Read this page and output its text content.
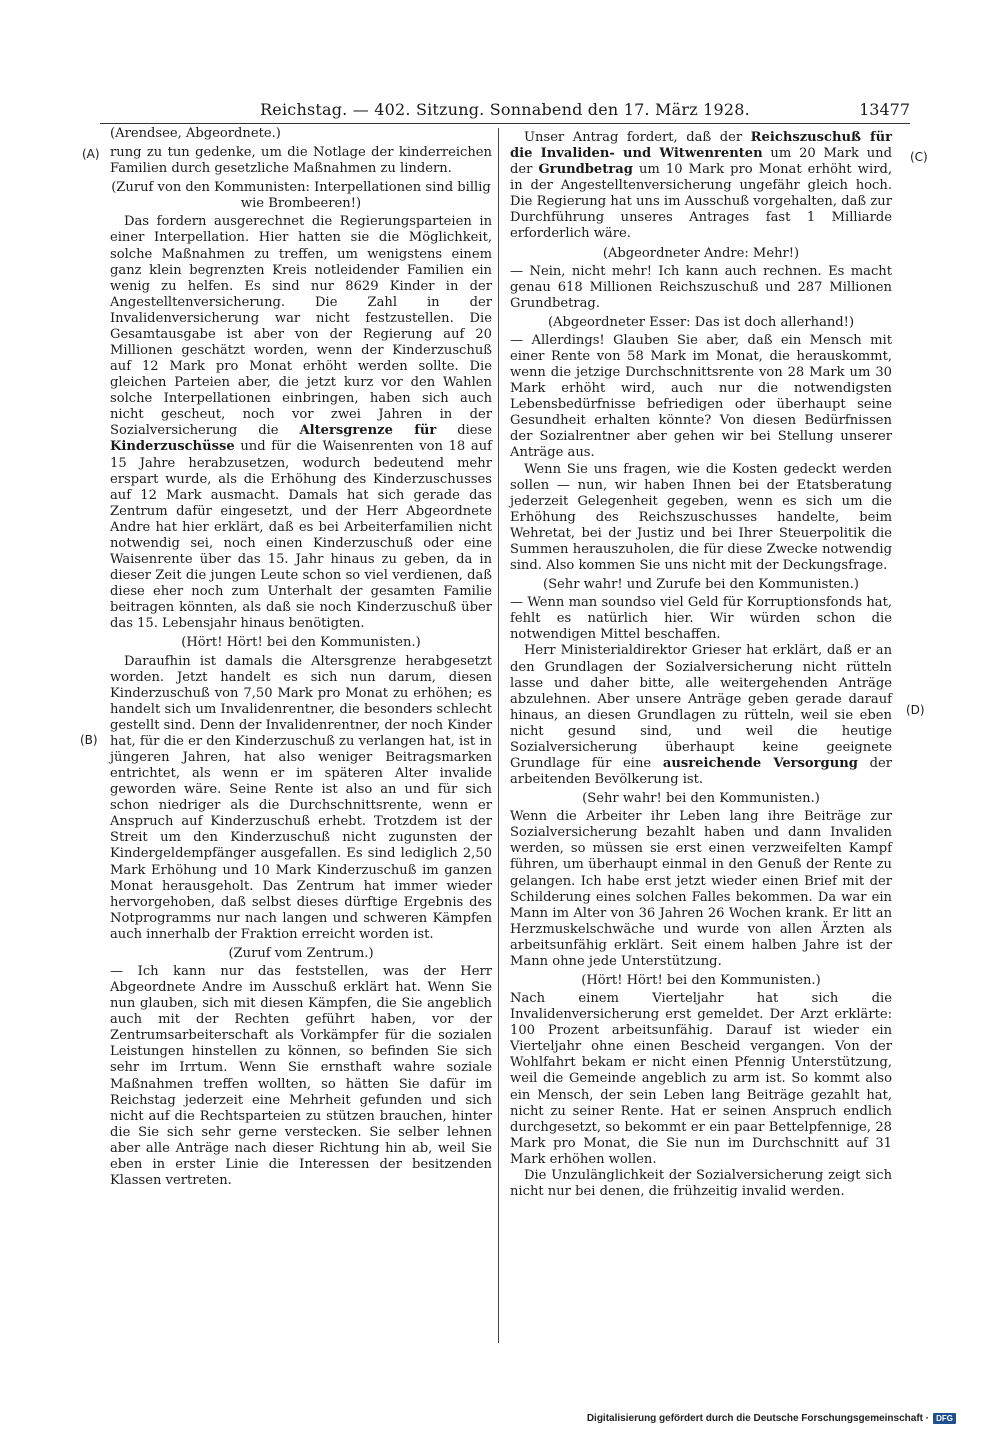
Reichstag. — 402. Sitzung. Sonnabend den 17. März 1928.	13477
(A)
(B)
(C)
(D)
(Arendsee, Abgeordnete.)

rung zu tun gedenke, um die Notlage der kinderreichen Familien durch gesetzliche Maßnahmen zu lindern.

(Zuruf von den Kommunisten: Interpellationen sind billig wie Brombeeren!)

Das fordern ausgerechnet die Regierungsparteien in einer Interpellation. Hier hatten sie die Möglichkeit, solche Maßnahmen zu treffen, um wenigstens einem ganz klein begrenzten Kreis notleidender Familien ein wenig zu helfen. Es sind nur 8629 Kinder in der Angestelltenversicherung. Die Zahl in der Invalidenversicherung war nicht festzustellen. Die Gesamtausgabe ist aber von der Regierung auf 20 Millionen geschätzt worden, wenn der Kinderzuschuß auf 12 Mark pro Monat erhöht werden sollte. Die gleichen Parteien aber, die jetzt kurz vor den Wahlen solche Interpellationen einbringen, haben sich auch nicht gescheut, noch vor zwei Jahren in der Sozialversicherung die Altersgrenze für diese Kinderzuschüsse und für die Waisenrenten von 18 auf 15 Jahre herabzusetzen, wodurch bedeutend mehr erspart wurde, als die Erhöhung des Kinderzuschusses auf 12 Mark ausmacht. Damals hat sich gerade das Zentrum dafür eingesetzt, und der Herr Abgeordnete Andre hat hier erklärt, daß es bei Arbeiterfamilien nicht notwendig sei, noch einen Kinderzuschuß oder eine Waisenrente über das 15. Jahr hinaus zu geben, da in dieser Zeit die jungen Leute schon so viel verdienen, daß diese eher noch zum Unterhalt der gesamten Familie beitragen könnten, als daß sie noch Kinderzuschuß über das 15. Lebensjahr hinaus benötigten.

(Hört! Hört! bei den Kommunisten.)

Daraufhin ist damals die Altersgrenze herabgesetzt worden. Jetzt handelt es sich nun darum, diesen Kinderzuschuß von 7,50 Mark pro Monat zu erhöhen; es handelt sich um Invalidenrentner, die besonders schlecht gestellt sind. Denn der Invalidenrentner, der noch Kinder hat, für die er den Kinderzuschuß zu verlangen hat, ist in jüngeren Jahren, hat also weniger Beitragsmarken entrichtet, als wenn er im späteren Alter invalide geworden wäre. Seine Rente ist also an und für sich schon niedriger als die Durchschnittsrente, wenn er Anspruch auf Kinderzuschuß erhebt. Trotzdem ist der Streit um den Kinderzuschuß nicht zugunsten der Kindergeldempfänger ausgefallen. Es sind lediglich 2,50 Mark Erhöhung und 10 Mark Kinderzuschuß im ganzen Monat herausgeholt. Das Zentrum hat immer wieder hervorgehoben, daß selbst dieses dürftige Ergebnis des Notprogramms nur nach langen und schweren Kämpfen auch innerhalb der Fraktion erreicht worden ist.

(Zuruf vom Zentrum.)

— Ich kann nur das feststellen, was der Herr Abgeordnete Andre im Ausschuß erklärt hat. Wenn Sie nun glauben, sich mit diesen Kämpfen, die Sie angeblich auch mit der Rechten geführt haben, vor der Zentrumsarbeiterschaft als Vorkämpfer für die sozialen Leistungen hinstellen zu können, so befinden Sie sich sehr im Irrtum. Wenn Sie ernsthaft wahre soziale Maßnahmen treffen wollten, so hätten Sie dafür im Reichstag jederzeit eine Mehrheit gefunden und sich nicht auf die Rechtsparteien zu stützen brauchen, hinter die Sie sich sehr gerne verstecken. Sie selber lehnen aber alle Anträge nach dieser Richtung hin ab, weil Sie eben in erster Linie die Interessen der besitzenden Klassen vertreten.

Unser Antrag fordert, daß der Reichszuschuß für die Invaliden- und Witwenrenten um 20 Mark und der Grundbetrag um 10 Mark pro Monat erhöht wird, in der Angestelltenversicherung ungefähr gleich hoch. Die Regierung hat uns im Ausschuß vorgehalten, daß zur Durchführung unseres Antrages fast 1 Milliarde erforderlich wäre.

(Abgeordneter Andre: Mehr!)

— Nein, nicht mehr! Ich kann auch rechnen. Es macht genau 618 Millionen Reichszuschuß und 287 Millionen Grundbetrag.

(Abgeordneter Esser: Das ist doch allerhand!)

— Allerdings! Glauben Sie aber, daß ein Mensch mit einer Rente von 58 Mark im Monat, die herauskommt, wenn die jetzige Durchschnittsrente von 28 Mark um 30 Mark erhöht wird, auch nur die notwendigsten Lebensbedürfnisse befriedigen oder überhaupt seine Gesundheit erhalten könnte? Von diesen Bedürfnissen der Sozialrentner aber gehen wir bei Stellung unserer Anträge aus.

Wenn Sie uns fragen, wie die Kosten gedeckt werden sollen — nun, wir haben Ihnen bei der Etatsberatung jederzeit Gelegenheit gegeben, wenn es sich um die Erhöhung des Reichszuschusses handelte, beim Wehretat, bei der Justiz und bei Ihrer Steuerpolitik die Summen herauszuholen, die für diese Zwecke notwendig sind. Also kommen Sie uns nicht mit der Deckungsfrage.

(Sehr wahr! und Zurufe bei den Kommunisten.)

— Wenn man soundso viel Geld für Korruptionsfonds hat, fehlt es natürlich hier. Wir würden schon die notwendigen Mittel beschaffen.

Herr Ministerialdirektor Grieser hat erklärt, daß er an den Grundlagen der Sozialversicherung nicht rütteln lasse und daher bitte, alle weitergehenden Anträge abzulehnen. Aber unsere Anträge geben gerade darauf hinaus, an diesen Grundlagen zu rütteln, weil sie eben nicht gesund sind, und weil die heutige Sozialversicherung überhaupt keine geeignete Grundlage für eine ausreichende Versorgung der arbeitenden Bevölkerung ist.

(Sehr wahr! bei den Kommunisten.)

Wenn die Arbeiter ihr Leben lang ihre Beiträge zur Sozialversicherung bezahlt haben und dann Invaliden werden, so müssen sie erst einen verzweifelten Kampf führen, um überhaupt einmal in den Genuß der Rente zu gelangen. Ich habe erst jetzt wieder einen Brief mit der Schilderung eines solchen Falles bekommen. Da war ein Mann im Alter von 36 Jahren 26 Wochen krank. Er litt an Herzmuskelschwäche und wurde von allen Ärzten als arbeitsunfähig erklärt. Seit einem halben Jahre ist der Mann ohne jede Unterstützung.

(Hört! Hört! bei den Kommunisten.)

Nach einem Vierteljahr hat sich die Invalidenversicherung erst gemeldet. Der Arzt erklärte: 100 Prozent arbeitsunfähig. Darauf ist wieder ein Vierteljahr ohne einen Bescheid vergangen. Von der Wohlfahrt bekam er nicht einen Pfennig Unterstützung, weil die Gemeinde angeblich zu arm ist. So kommt also ein Mensch, der sein Leben lang Beiträge gezahlt hat, nicht zu seiner Rente. Hat er seinen Anspruch endlich durchgesetzt, so bekommt er ein paar Bettelpfennige, 28 Mark pro Monat, die Sie nun im Durchschnitt auf 31 Mark erhöhen wollen.

Die Unzulänglichkeit der Sozialversicherung zeigt sich nicht nur bei denen, die frühzeitig invalid werden.

Digitalisierung gefördert durch die Deutsche Forschungsgemeinschaft · DFG
